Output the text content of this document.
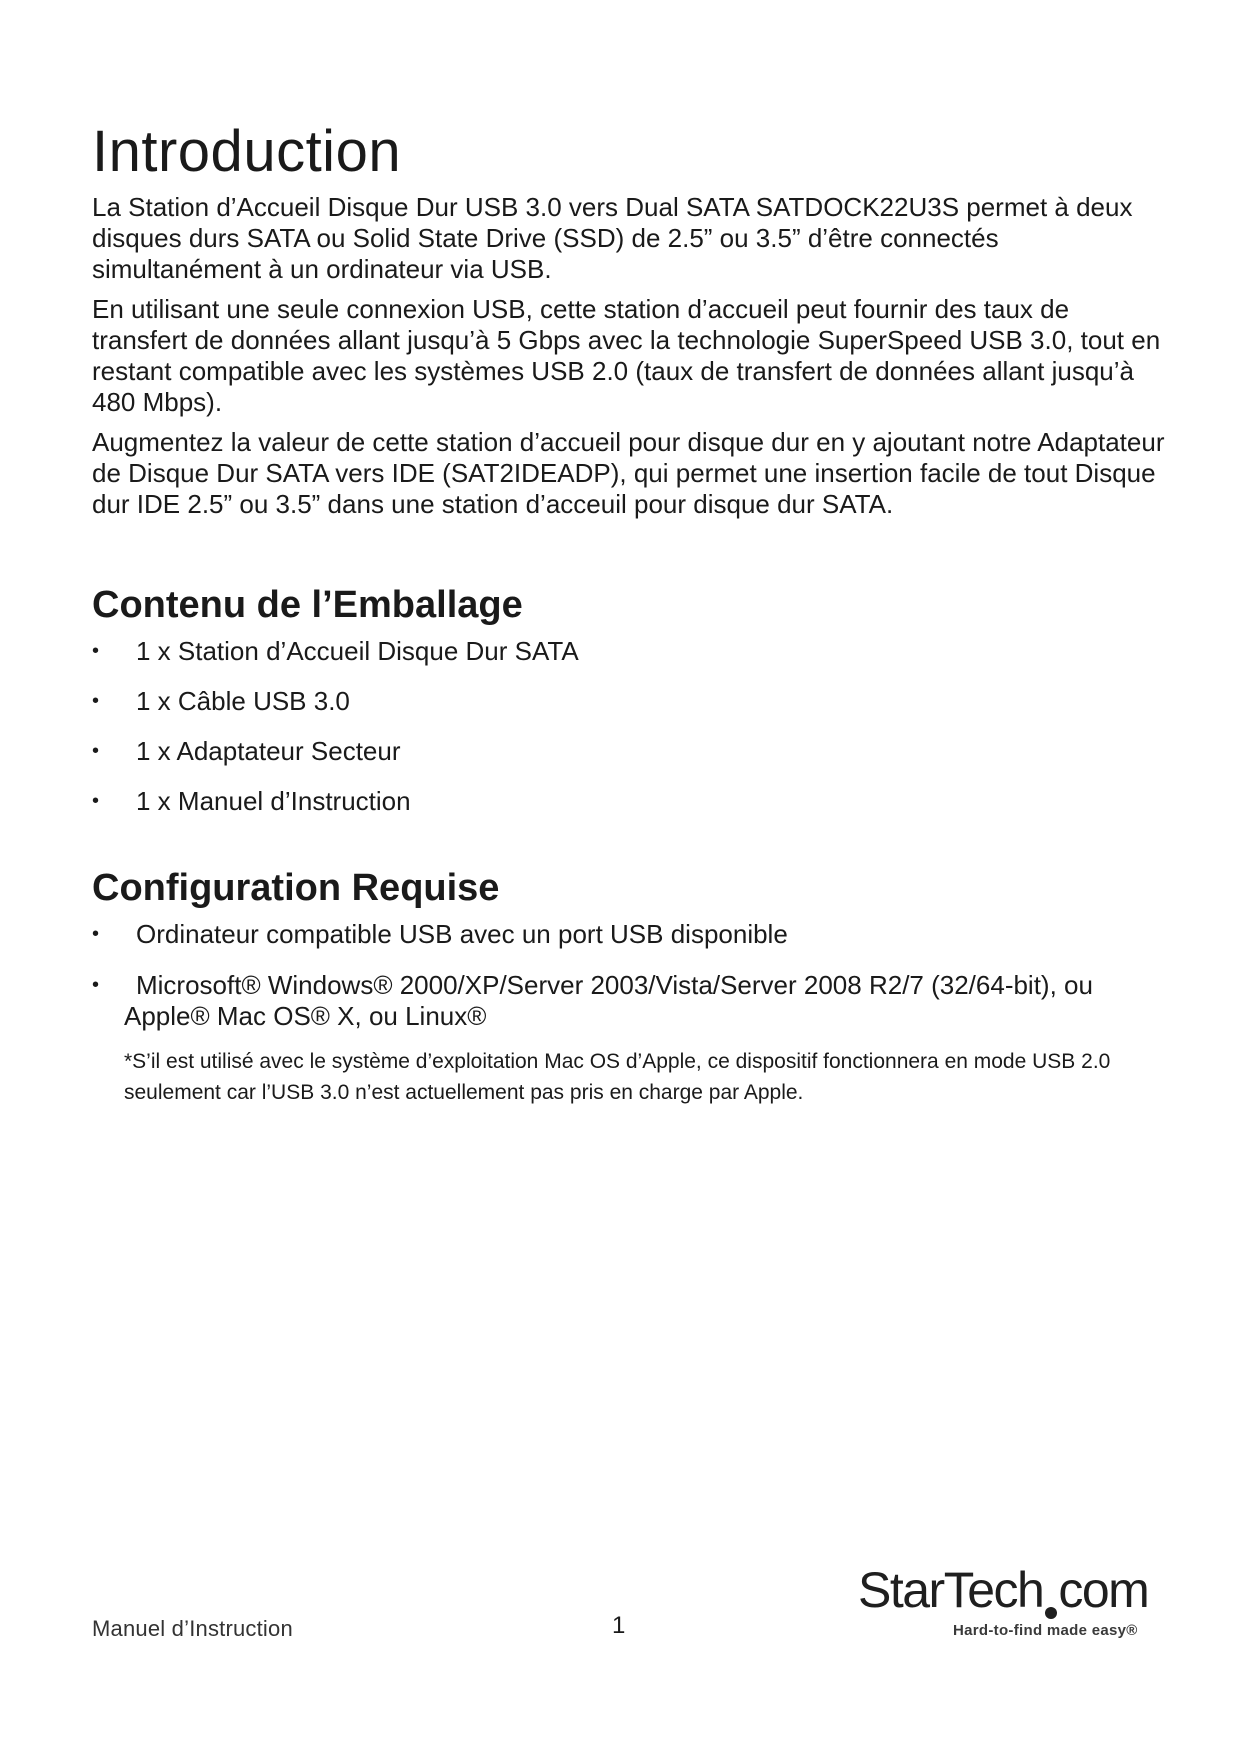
Introduction

La Station d’Accueil Disque Dur USB 3.0 vers Dual SATA SATDOCK22U3S permet à deux disques durs SATA ou Solid State Drive (SSD) de 2.5” ou 3.5” d’être connectés simultanément à un ordinateur via USB.

En utilisant une seule connexion USB, cette station d’accueil peut fournir des taux de transfert de données allant jusqu’à 5 Gbps avec la technologie SuperSpeed USB 3.0, tout en restant compatible avec les systèmes USB 2.0 (taux de transfert de données allant jusqu’à 480 Mbps).

Augmentez la valeur de cette station d’accueil pour disque dur en y ajoutant notre Adaptateur de Disque Dur SATA vers IDE (SAT2IDEADP), qui permet une insertion facile de tout Disque dur IDE 2.5” ou 3.5” dans une station d’acceuil pour disque dur SATA.

Contenu de l’Emballage
•	1 x Station d’Accueil Disque Dur SATA
•	1 x Câble USB 3.0
•	1 x Adaptateur Secteur
•	1 x Manuel d’Instruction
Configuration Requise
•	Ordinateur compatible USB avec un port USB disponible
•	Microsoft® Windows® 2000/XP/Server 2003/Vista/Server 2008 R2/7 (32/64-bit), ou Apple® Mac OS® X, ou Linux®

*S’il est utilisé avec le système d’exploitation Mac OS d’Apple, ce dispositif fonctionnera en mode USB 2.0 seulement car l’USB 3.0 n’est actuellement pas pris en charge par Apple.

Manuel d’Instruction	1
StarTech com
Hard-to-find made easy®
